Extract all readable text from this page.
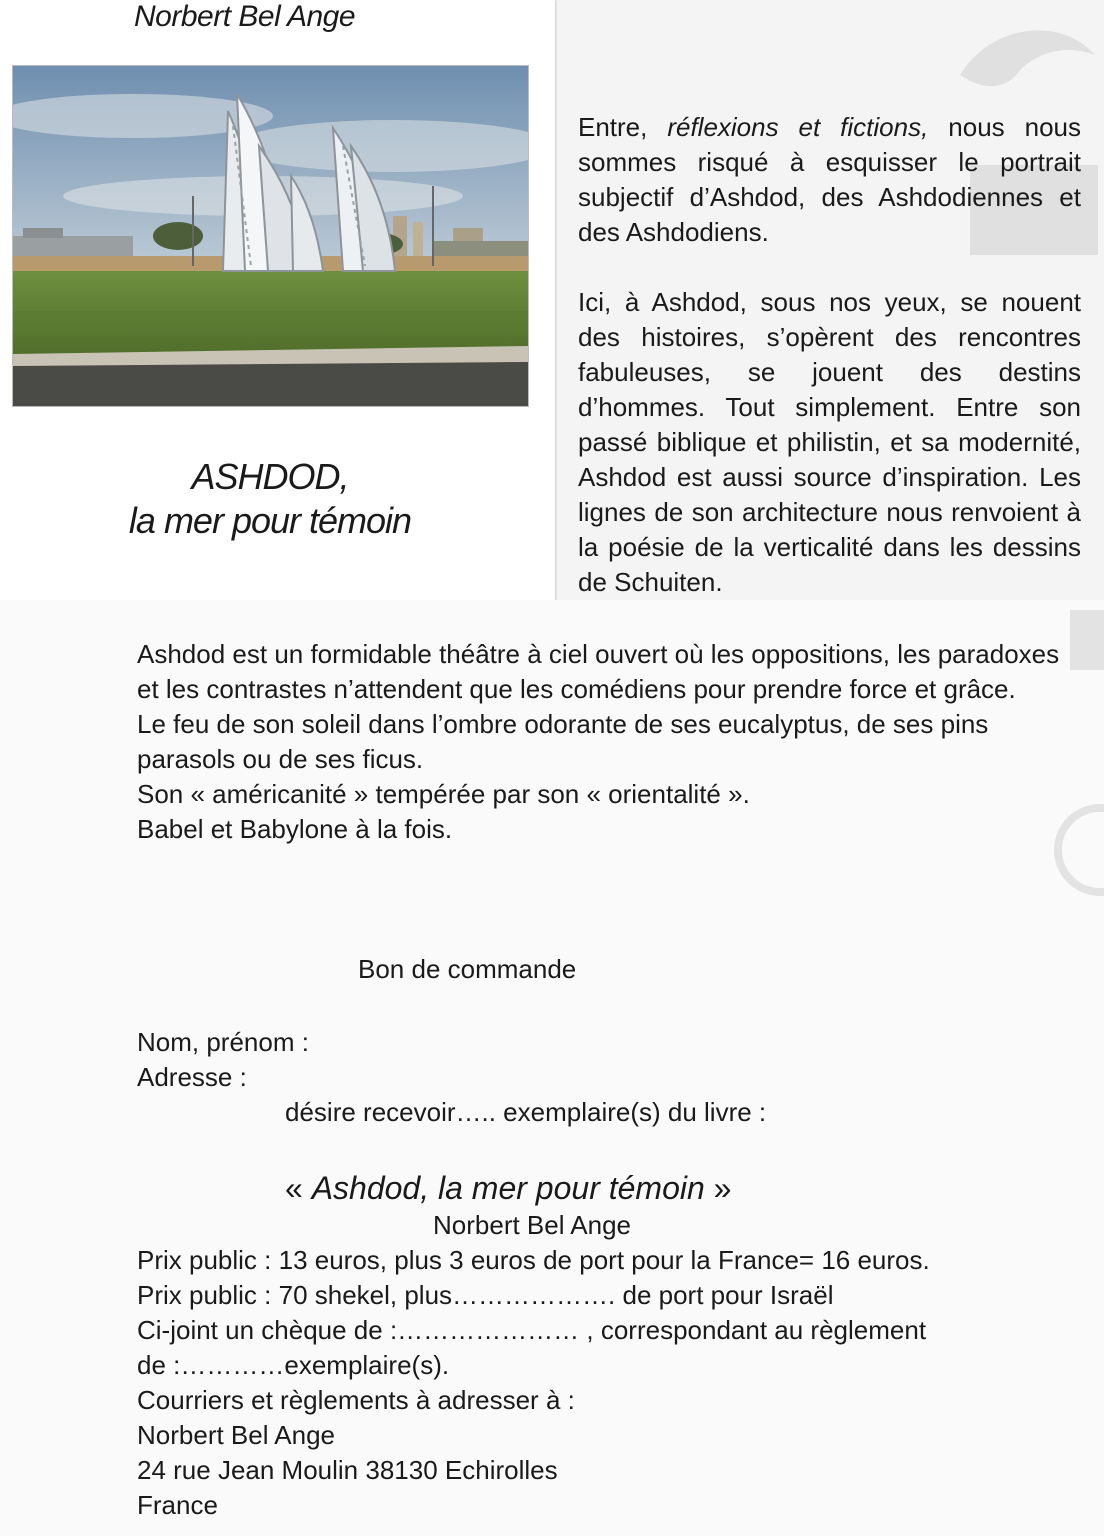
Norbert Bel Ange
ASHDOD,
la mer pour témoin

Entre, réflexions et fictions, nous nous sommes risqué à esquisser le portrait subjectif d’Ashdod, des Ashdodiennes et des Ashdodiens.

Ici, à Ashdod, sous nos yeux, se nouent des histoires, s’opèrent des rencontres fabuleuses, se jouent des destins d’hommes. Tout simplement. Entre son passé biblique et philistin, et sa modernité, Ashdod est aussi source d’inspiration. Les lignes de son architecture nous renvoient à la poésie de la verticalité dans les dessins de Schuiten.

Ashdod est un formidable théâtre à ciel ouvert où les oppositions, les paradoxes et les contrastes n’attendent que les comédiens pour prendre force et grâce.

Le feu de son soleil dans l’ombre odorante de ses eucalyptus, de ses pins parasols ou de ses ficus.

Son « américanité » tempérée par son « orientalité ».

Babel et Babylone à la fois.

Bon de commande
Nom, prénom :
Adresse :
désire recevoir….. exemplaire(s) du livre :
« Ashdod, la mer pour témoin »
Norbert Bel Ange
Prix public : 13 euros, plus 3 euros de port pour la France= 16 euros.
Prix public : 70 shekel, plus………………. de port pour Israël
Ci-joint un chèque de :………………… , correspondant au règlement
de :…………exemplaire(s).
Courriers et règlements à adresser à :
Norbert Bel Ange
24 rue Jean Moulin 38130 Echirolles
France
